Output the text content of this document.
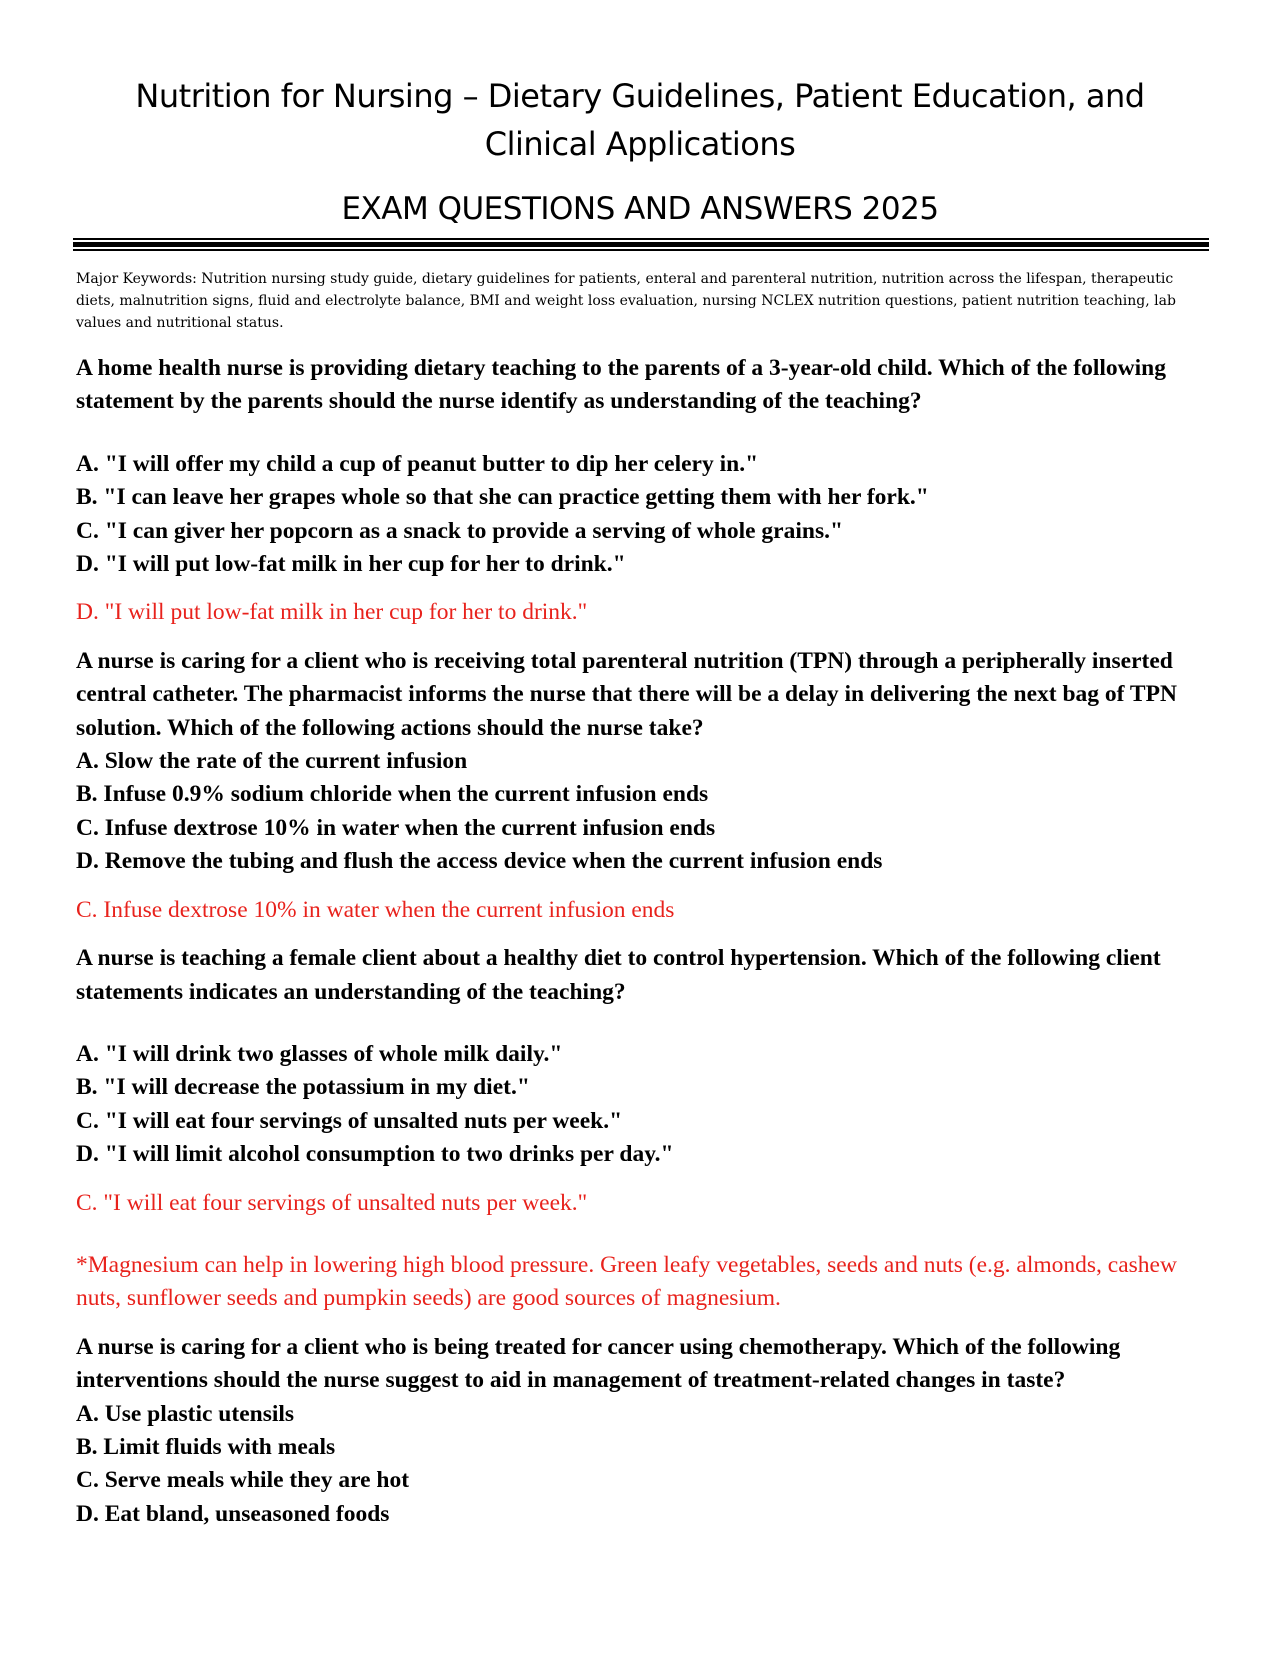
Nutrition for Nursing – Dietary Guidelines, Patient Education, and Clinical Applications
EXAM QUESTIONS AND ANSWERS 2025
Major Keywords: Nutrition nursing study guide, dietary guidelines for patients, enteral and parenteral nutrition, nutrition across the lifespan, therapeutic diets, malnutrition signs, fluid and electrolyte balance, BMI and weight loss evaluation, nursing NCLEX nutrition questions, patient nutrition teaching, lab values and nutritional status.

A home health nurse is providing dietary teaching to the parents of a 3-year-old child. Which of the following statement by the parents should the nurse identify as understanding of the teaching?

A. "I will offer my child a cup of peanut butter to dip her celery in."
B. "I can leave her grapes whole so that she can practice getting them with her fork."
C. "I can giver her popcorn as a snack to provide a serving of whole grains."
D. "I will put low-fat milk in her cup for her to drink."

D. "I will put low-fat milk in her cup for her to drink."

A nurse is caring for a client who is receiving total parenteral nutrition (TPN) through a peripherally inserted central catheter. The pharmacist informs the nurse that there will be a delay in delivering the next bag of TPN solution. Which of the following actions should the nurse take?

A. Slow the rate of the current infusion
B. Infuse 0.9% sodium chloride when the current infusion ends
C. Infuse dextrose 10% in water when the current infusion ends
D. Remove the tubing and flush the access device when the current infusion ends

C. Infuse dextrose 10% in water when the current infusion ends

A nurse is teaching a female client about a healthy diet to control hypertension. Which of the following client statements indicates an understanding of the teaching?

A. "I will drink two glasses of whole milk daily."
B. "I will decrease the potassium in my diet."
C. "I will eat four servings of unsalted nuts per week."
D. "I will limit alcohol consumption to two drinks per day."

C. "I will eat four servings of unsalted nuts per week."

*Magnesium can help in lowering high blood pressure. Green leafy vegetables, seeds and nuts (e.g. almonds, cashew nuts, sunflower seeds and pumpkin seeds) are good sources of magnesium.

A nurse is caring for a client who is being treated for cancer using chemotherapy. Which of the following interventions should the nurse suggest to aid in management of treatment-related changes in taste?

A. Use plastic utensils
B. Limit fluids with meals
C. Serve meals while they are hot
D. Eat bland, unseasoned foods
